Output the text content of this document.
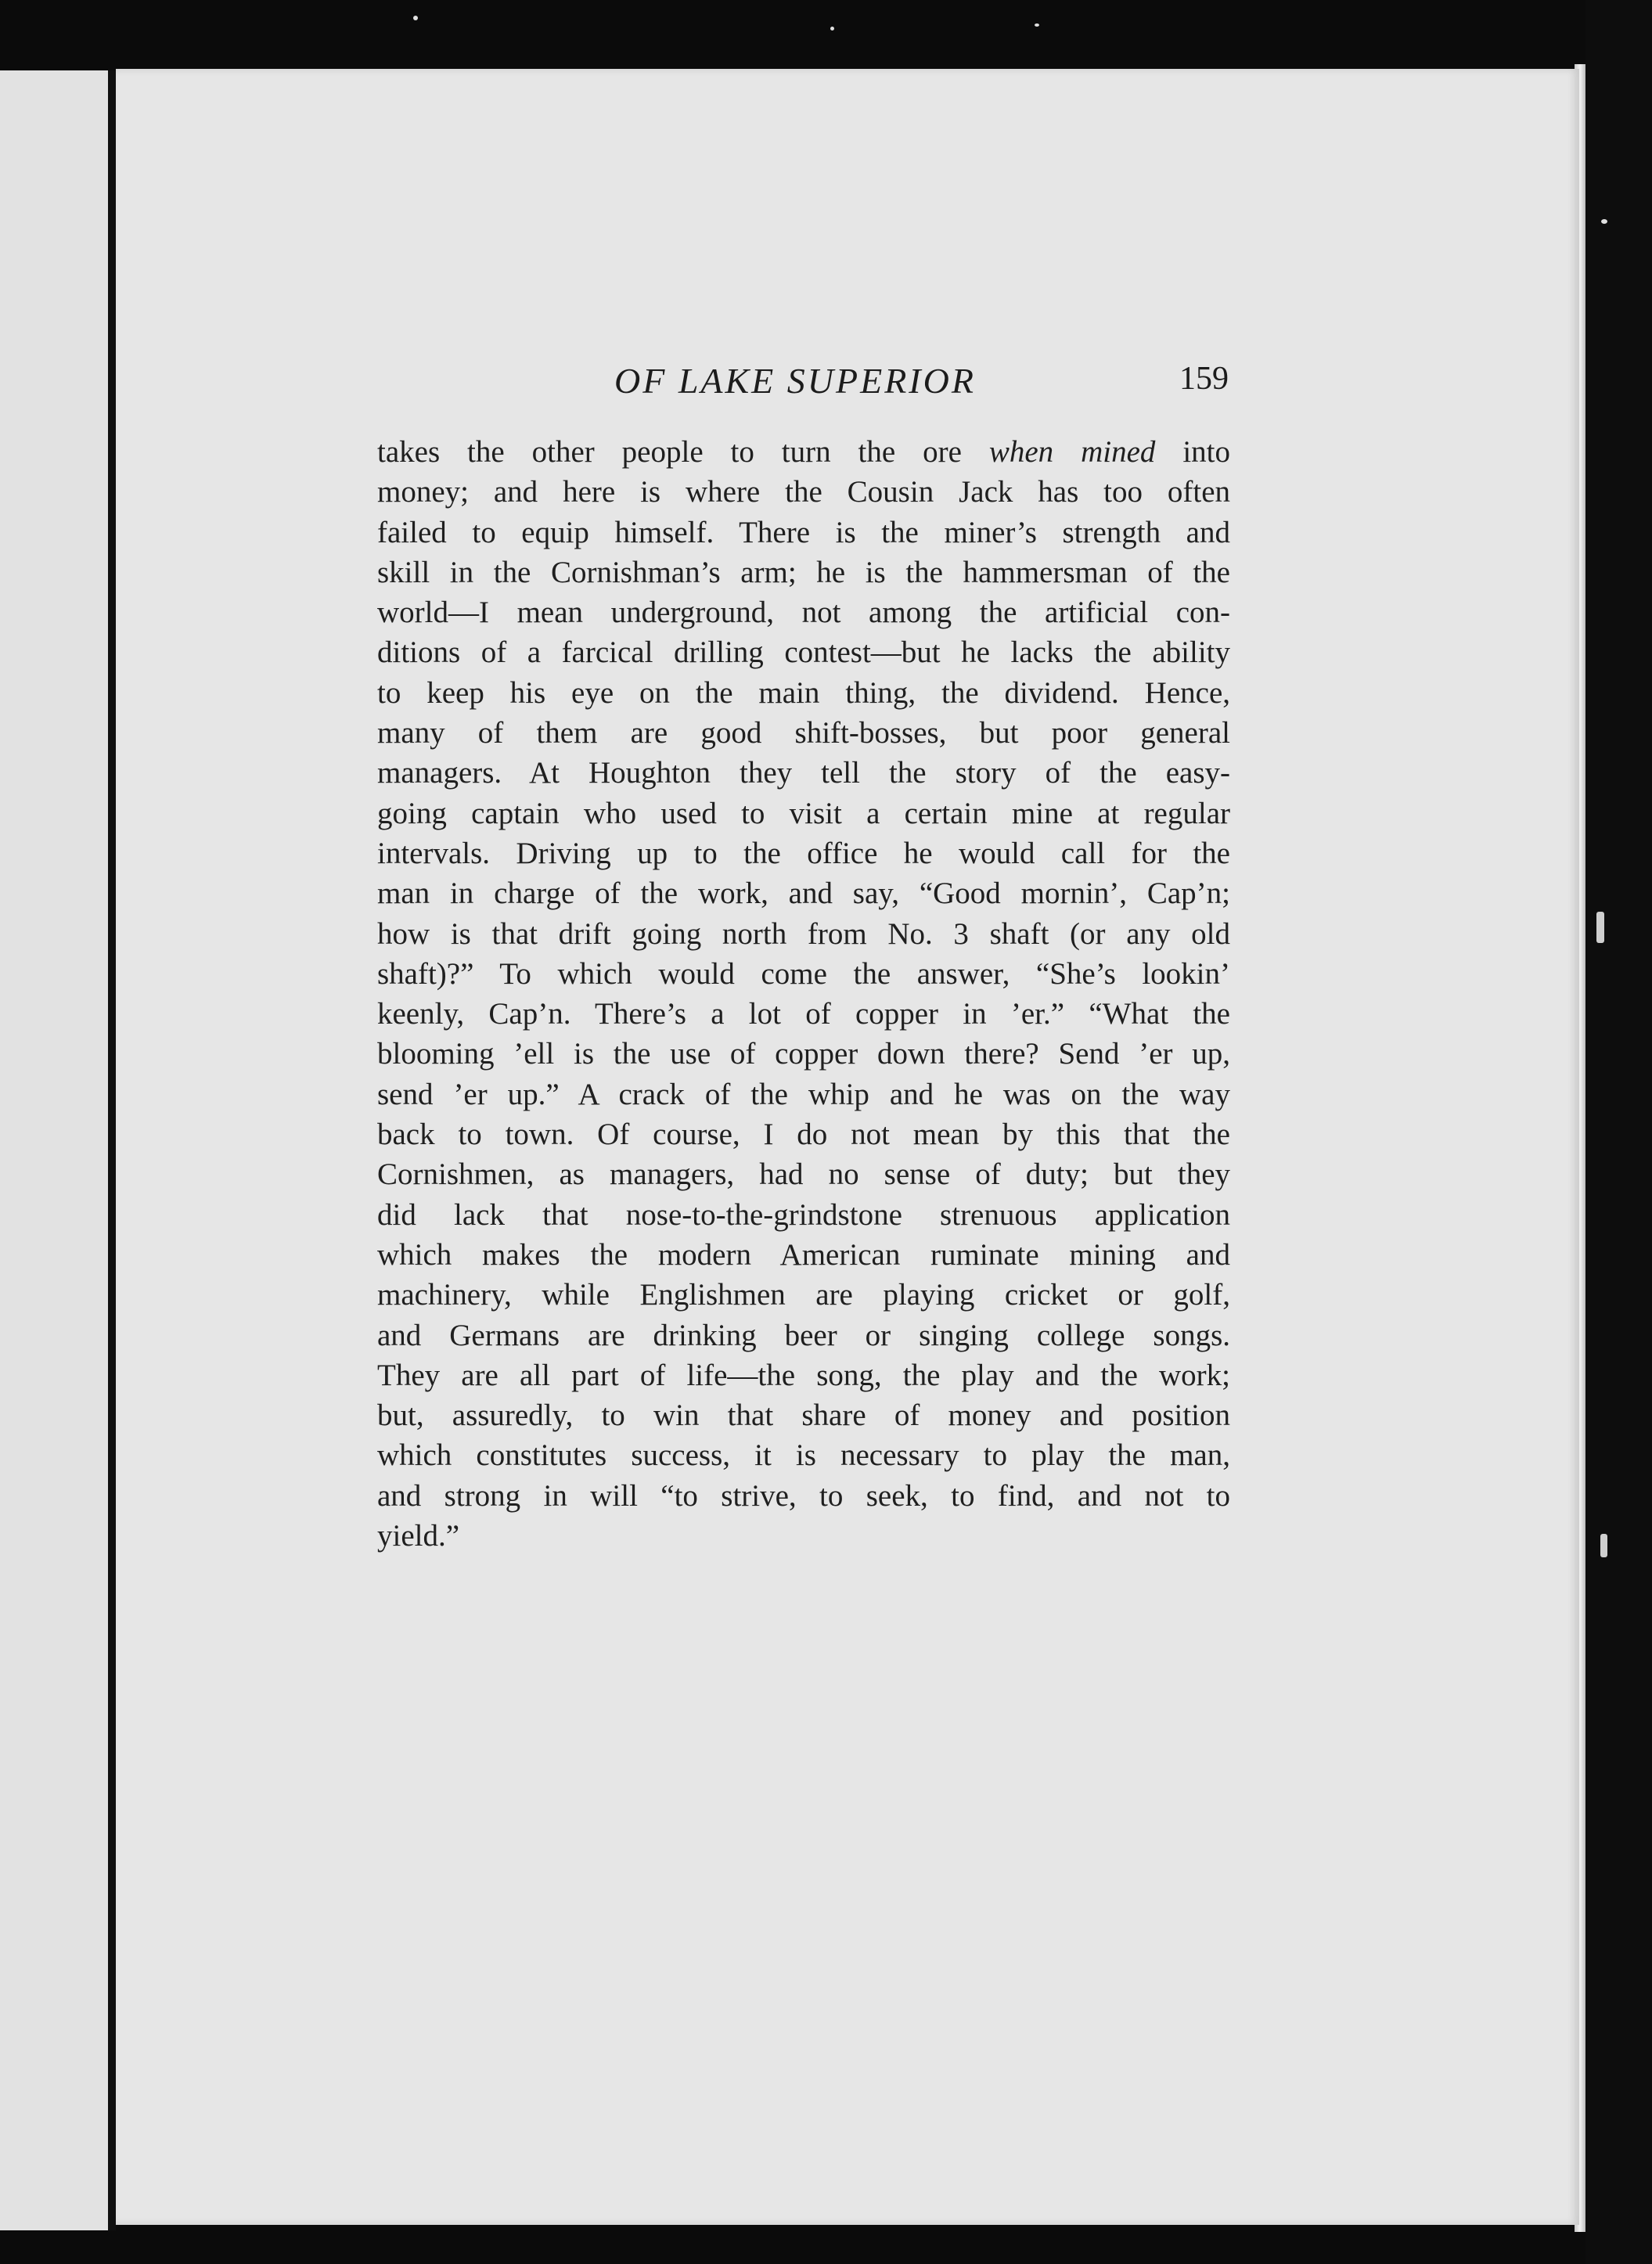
OF LAKE SUPERIOR	159
takes the other people to turn the ore when mined into
money; and here is where the Cousin Jack has too often
failed to equip himself. There is the miner’s strength and
skill in the Cornishman’s arm; he is the hammersman of the
world—I mean underground, not among the artificial con-
ditions of a farcical drilling contest—but he lacks the ability
to keep his eye on the main thing, the dividend. Hence,
many of them are good shift-bosses, but poor general
managers. At Houghton they tell the story of the easy-
going captain who used to visit a certain mine at regular
intervals. Driving up to the office he would call for the
man in charge of the work, and say, “Good mornin’, Cap’n;
how is that drift going north from No. 3 shaft (or any old
shaft)?” To which would come the answer, “She’s lookin’
keenly, Cap’n. There’s a lot of copper in ’er.” “What the
blooming ’ell is the use of copper down there? Send ’er up,
send ’er up.” A crack of the whip and he was on the way
back to town. Of course, I do not mean by this that the
Cornishmen, as managers, had no sense of duty; but they
did lack that nose-to-the-grindstone strenuous application
which makes the modern American ruminate mining and
machinery, while Englishmen are playing cricket or golf,
and Germans are drinking beer or singing college songs.
They are all part of life—the song, the play and the work;
but, assuredly, to win that share of money and position
which constitutes success, it is necessary to play the man,
and strong in will “to strive, to seek, to find, and not to
yield.”
